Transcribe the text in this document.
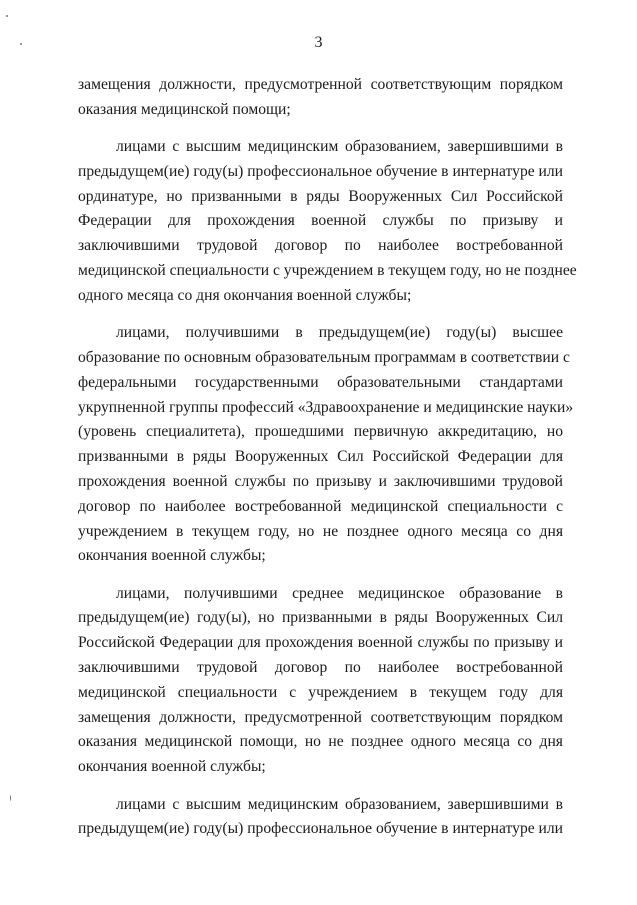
3
замещения должности, предусмотренной соответствующим порядком
оказания медицинской помощи;
лицами с высшим медицинским образованием, завершившими в
предыдущем(ие) году(ы) профессиональное обучение в интернатуре или
ординатуре, но призванными в ряды Вооруженных Сил Российской
Федерации для прохождения военной службы по призыву и
заключившими трудовой договор по наиболее востребованной
медицинской специальности с учреждением в текущем году, но не позднее
одного месяца со дня окончания военной службы;
лицами, получившими в предыдущем(ие) году(ы) высшее
образование по основным образовательным программам в соответствии с
федеральными государственными образовательными стандартами
укрупненной группы профессий «Здравоохранение и медицинские науки»
(уровень специалитета), прошедшими первичную аккредитацию, но
призванными в ряды Вооруженных Сил Российской Федерации для
прохождения военной службы по призыву и заключившими трудовой
договор по наиболее востребованной медицинской специальности с
учреждением в текущем году, но не позднее одного месяца со дня
окончания военной службы;
лицами, получившими среднее медицинское образование в
предыдущем(ие) году(ы), но призванными в ряды Вооруженных Сил
Российской Федерации для прохождения военной службы по призыву и
заключившими трудовой договор по наиболее востребованной
медицинской специальности с учреждением в текущем году для
замещения должности, предусмотренной соответствующим порядком
оказания медицинской помощи, но не позднее одного месяца со дня
окончания военной службы;
лицами с высшим медицинским образованием, завершившими в
предыдущем(ие) году(ы) профессиональное обучение в интернатуре или
